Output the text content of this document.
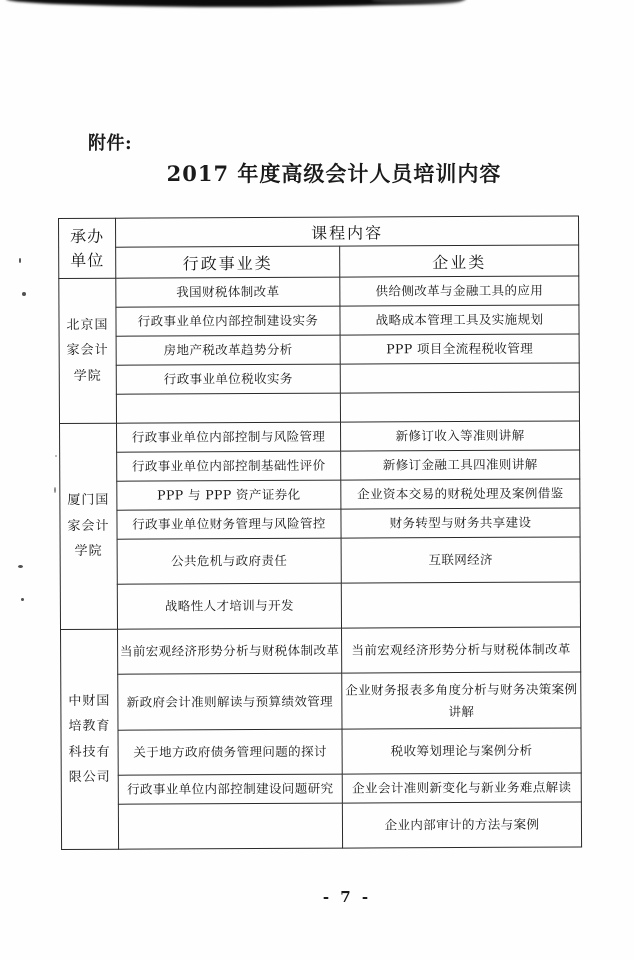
附件:
2017 年度高级会计人员培训内容
承办
单位	课程内容	
	行政事业类	企业类

北京国
家会计
学院	我国财税体制改革	供给侧改革与金融工具的应用
	行政事业单位内部控制建设实务	战略成本管理工具及实施规划
	房地产税改革趋势分析	PPP 项目全流程税收管理
	行政事业单位税收实务	

厦门国
家会计
学院	行政事业单位内部控制与风险管理	新修订收入等准则讲解
	行政事业单位内部控制基础性评价	新修订金融工具四准则讲解
	PPP 与 PPP 资产证券化	企业资本交易的财税处理及案例借鉴
	行政事业单位财务管理与风险管控	财务转型与财务共享建设
	公共危机与政府责任	互联网经济
	战略性人才培训与开发	

中财国
培教育
科技有
限公司	当前宏观经济形势分析与财税体制改革	当前宏观经济形势分析与财税体制改革
	新政府会计准则解读与预算绩效管理	企业财务报表多角度分析与财务决策案例讲解
	关于地方政府债务管理问题的探讨	税收筹划理论与案例分析
	行政事业单位内部控制建设问题研究	企业会计准则新变化与新业务难点解读
		企业内部审计的方法与案例
- 7 -
